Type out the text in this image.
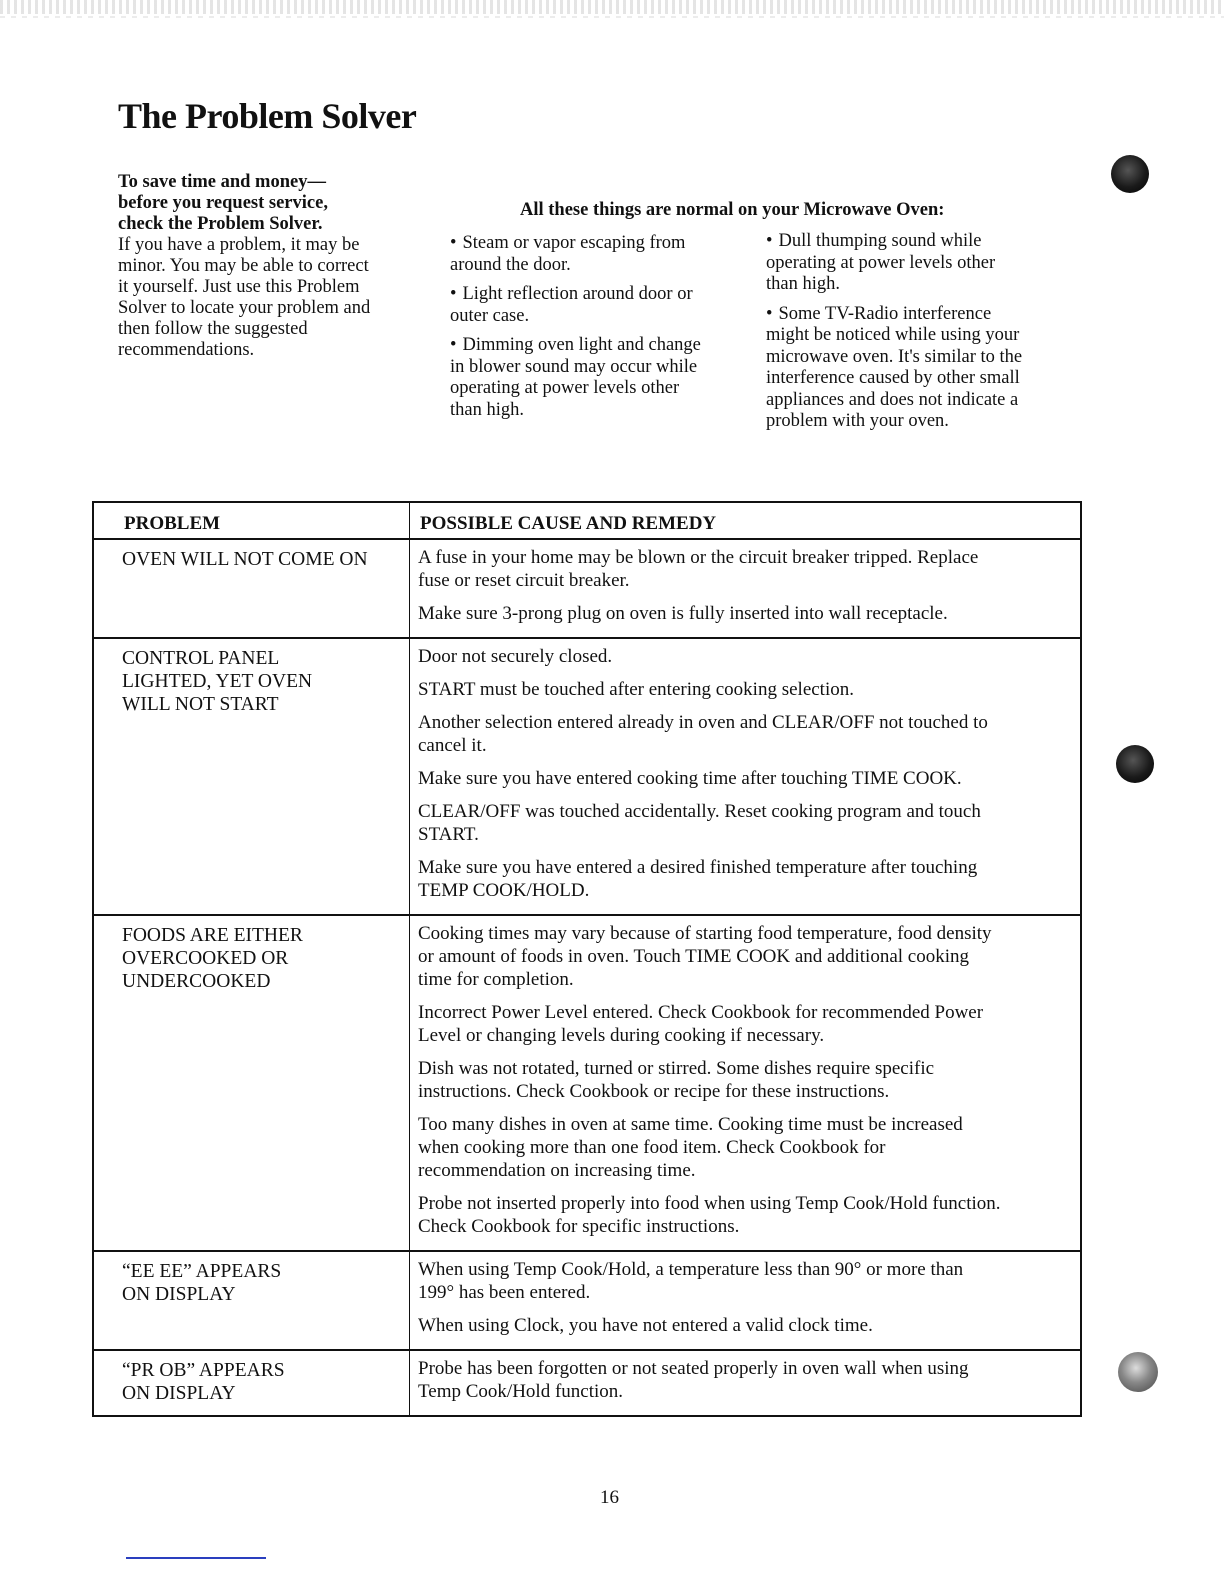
The Problem Solver
To save time and money—
before you request service,
check the Problem Solver.
If you have a problem, it may be
minor. You may be able to correct
it yourself. Just use this Problem
Solver to locate your problem and
then follow the suggested
recommendations.
All these things are normal on your Microwave Oven:

• Steam or vapor escaping from
around the door.

• Light reflection around door or
outer case.

• Dimming oven light and change
in blower sound may occur while
operating at power levels other
than high.

• Dull thumping sound while
operating at power levels other
than high.

• Some TV-Radio interference
might be noticed while using your
microwave oven. It's similar to the
interference caused by other small
appliances and does not indicate a
problem with your oven.

PROBLEM	POSSIBLE CAUSE AND REMEDY
OVEN WILL NOT COME ON	A fuse in your home may be blown or the circuit breaker tripped. Replace
fuse or reset circuit breaker.

Make sure 3-prong plug on oven is fully inserted into wall receptacle.

CONTROL PANEL
LIGHTED, YET OVEN
WILL NOT START

Door not securely closed.

START must be touched after entering cooking selection.

Another selection entered already in oven and CLEAR/OFF not touched to
cancel it.

Make sure you have entered cooking time after touching TIME COOK.

CLEAR/OFF was touched accidentally. Reset cooking program and touch
START.

Make sure you have entered a desired finished temperature after touching
TEMP COOK/HOLD.

FOODS ARE EITHER
OVERCOOKED OR
UNDERCOOKED

Cooking times may vary because of starting food temperature, food density
or amount of foods in oven. Touch TIME COOK and additional cooking
time for completion.

Incorrect Power Level entered. Check Cookbook for recommended Power
Level or changing levels during cooking if necessary.

Dish was not rotated, turned or stirred. Some dishes require specific
instructions. Check Cookbook or recipe for these instructions.

Too many dishes in oven at same time. Cooking time must be increased
when cooking more than one food item. Check Cookbook for
recommendation on increasing time.

Probe not inserted properly into food when using Temp Cook/Hold function.
Check Cookbook for specific instructions.

“EE EE” APPEARS
ON DISPLAY

When using Temp Cook/Hold, a temperature less than 90° or more than
199° has been entered.

When using Clock, you have not entered a valid clock time.

“PR OB” APPEARS
ON DISPLAY

Probe has been forgotten or not seated properly in oven wall when using
Temp Cook/Hold function.

16
